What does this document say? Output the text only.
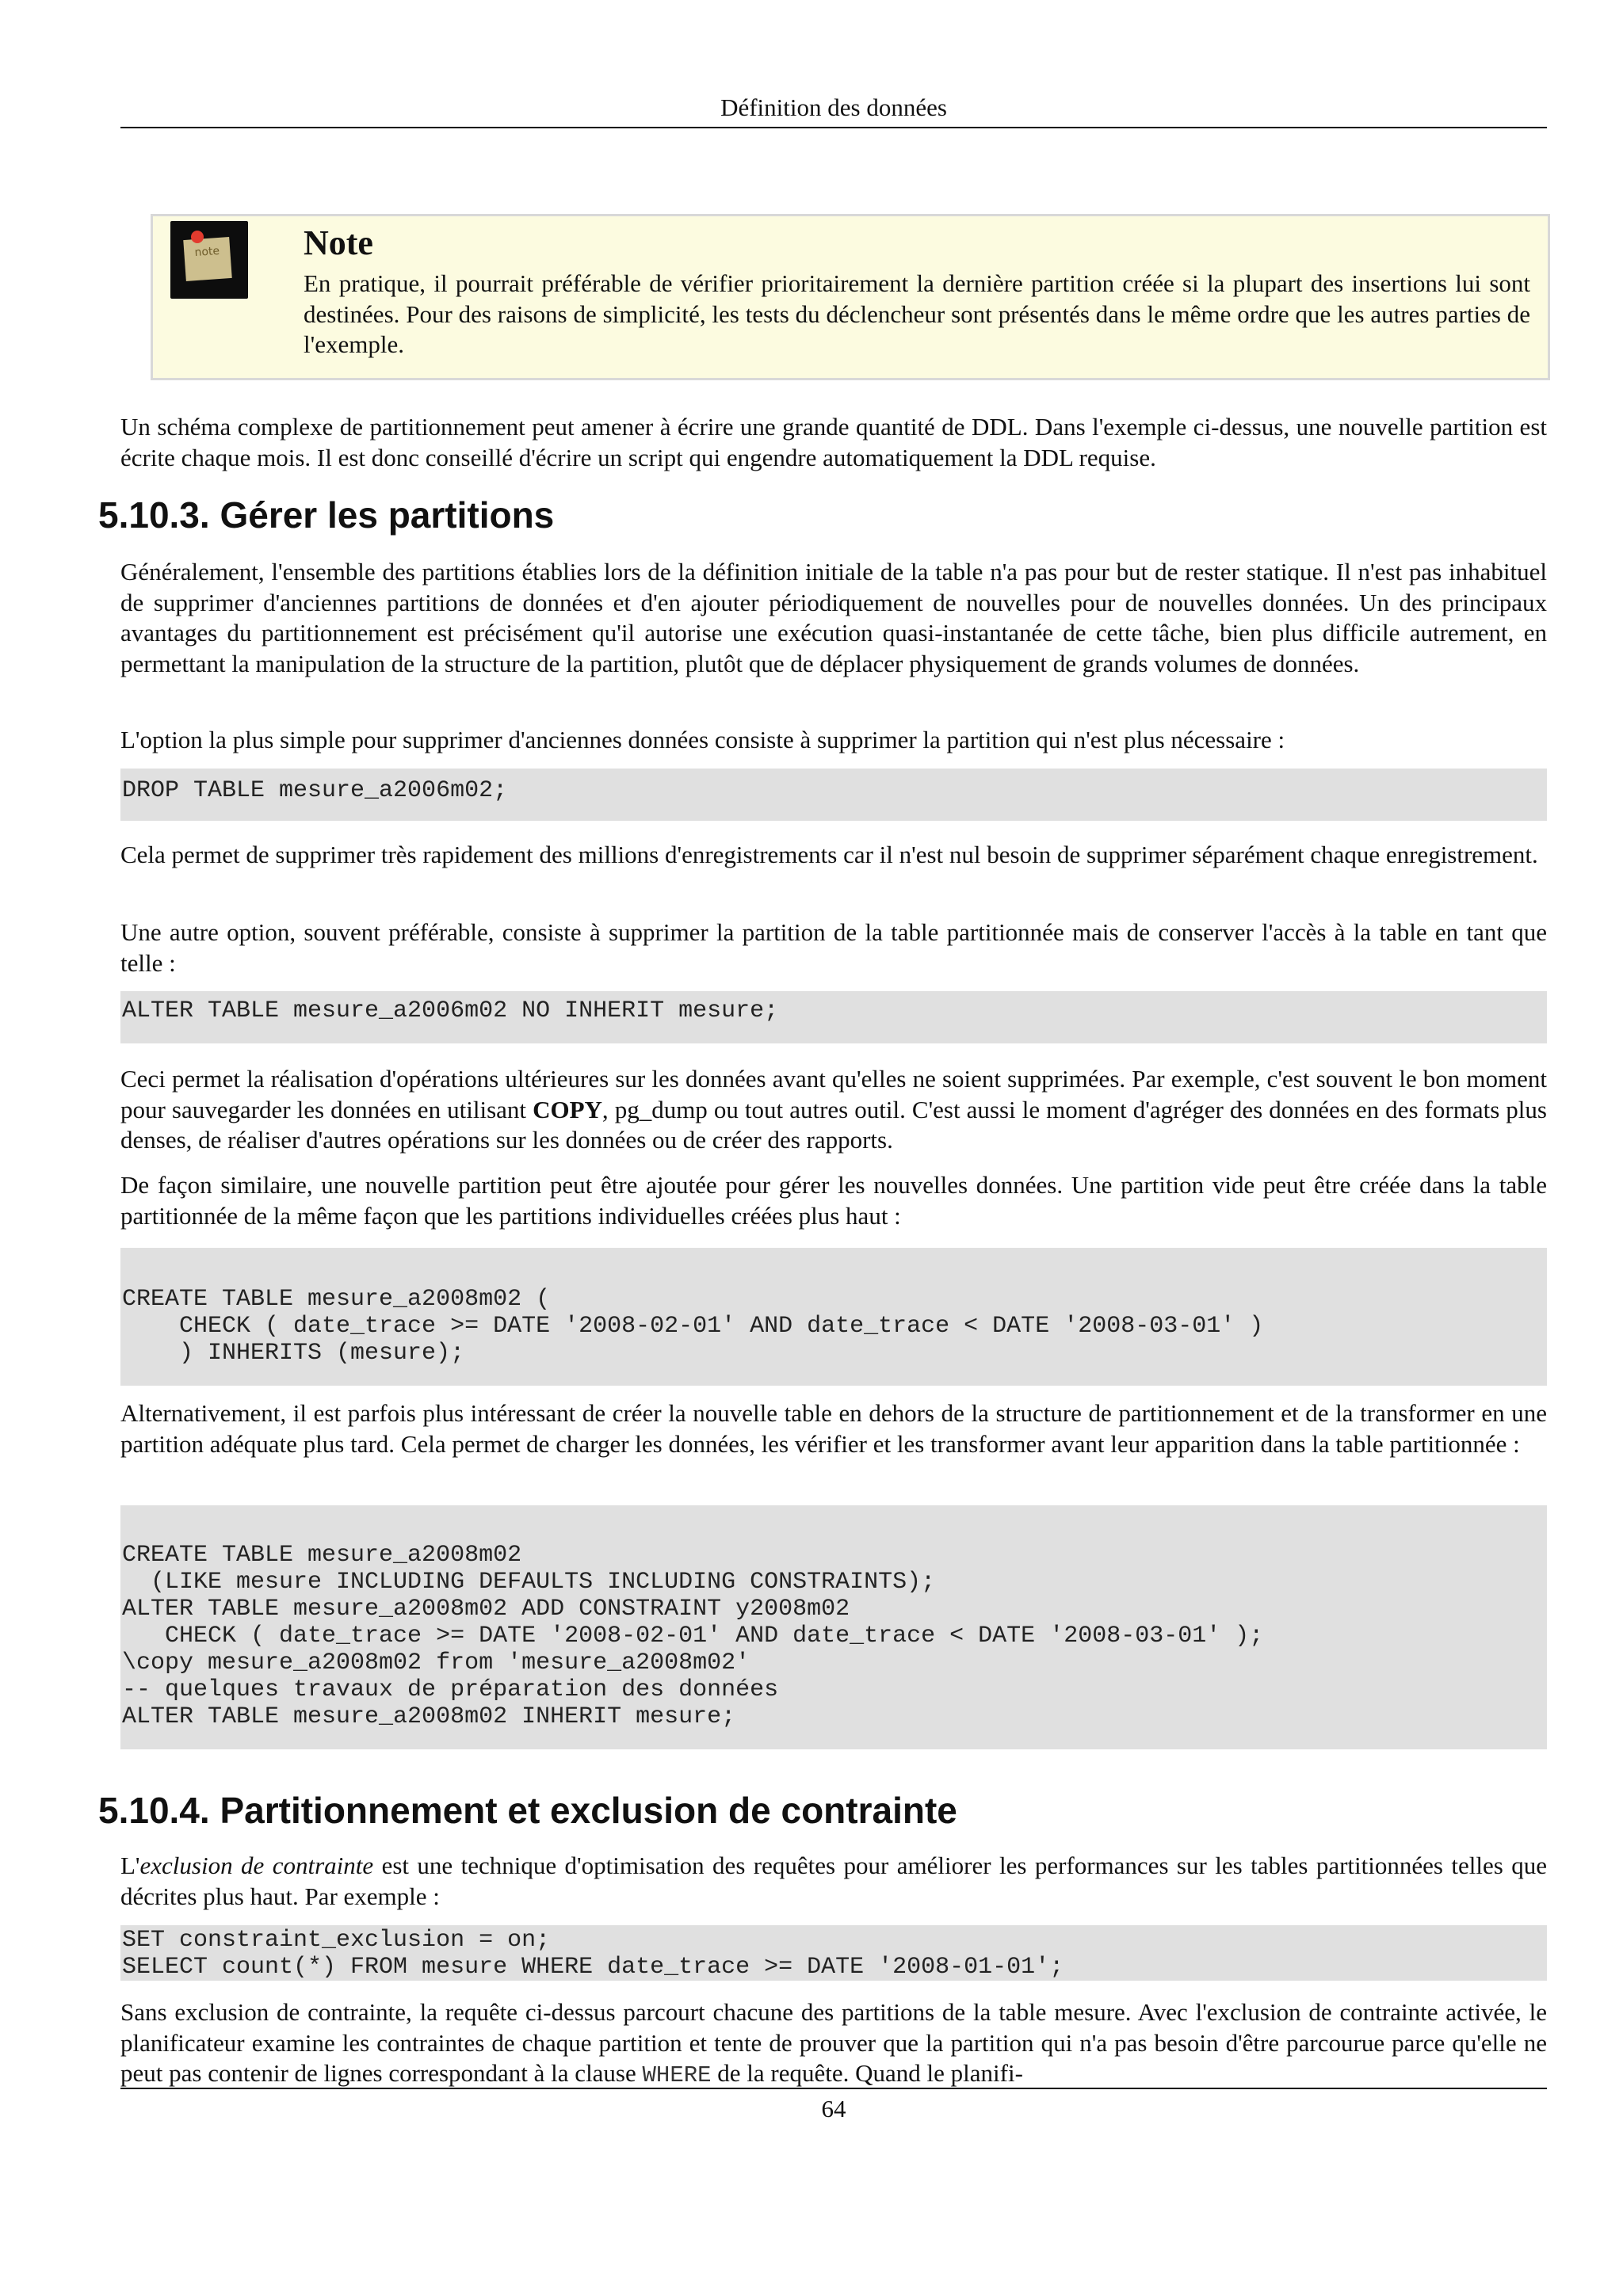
Définition des données
note	Note

En pratique, il pourrait préférable de vérifier prioritairement la dernière partition créée si la plupart des insertions lui sont destinées. Pour des raisons de simplicité, les tests du déclencheur sont présentés dans le même ordre que les autres parties de l'exemple.

Un schéma complexe de partitionnement peut amener à écrire une grande quantité de DDL. Dans l'exemple ci-dessus, une nouvelle partition est écrite chaque mois. Il est donc conseillé d'écrire un script qui engendre automatiquement la DDL requise.

5.10.3. Gérer les partitions

Généralement, l'ensemble des partitions établies lors de la définition initiale de la table n'a pas pour but de rester statique. Il n'est pas inhabituel de supprimer d'anciennes partitions de données et d'en ajouter périodiquement de nouvelles pour de nouvelles données. Un des principaux avantages du partitionnement est précisément qu'il autorise une exécution quasi-instantanée de cette tâche, bien plus difficile autrement, en permettant la manipulation de la structure de la partition, plutôt que de déplacer physiquement de grands volumes de données.

L'option la plus simple pour supprimer d'anciennes données consiste à supprimer la partition qui n'est plus nécessaire :

DROP TABLE mesure_a2006m02;

Cela permet de supprimer très rapidement des millions d'enregistrements car il n'est nul besoin de supprimer séparément chaque enregistrement.

Une autre option, souvent préférable, consiste à supprimer la partition de la table partitionnée mais de conserver l'accès à la table en tant que telle :

ALTER TABLE mesure_a2006m02 NO INHERIT mesure;

Ceci permet la réalisation d'opérations ultérieures sur les données avant qu'elles ne soient supprimées. Par exemple, c'est souvent le bon moment pour sauvegarder les données en utilisant COPY, pg_dump ou tout autres outil. C'est aussi le moment d'agréger des données en des formats plus denses, de réaliser d'autres opérations sur les données ou de créer des rapports.

De façon similaire, une nouvelle partition peut être ajoutée pour gérer les nouvelles données. Une partition vide peut être créée dans la table partitionnée de la même façon que les partitions individuelles créées plus haut :

CREATE TABLE mesure_a2008m02 (
CHECK ( date_trace >= DATE '2008-02-01' AND date_trace < DATE '2008-03-01' )
) INHERITS (mesure);

Alternativement, il est parfois plus intéressant de créer la nouvelle table en dehors de la structure de partitionnement et de la transformer en une partition adéquate plus tard. Cela permet de charger les données, les vérifier et les transformer avant leur apparition dans la table partitionnée :

CREATE TABLE mesure_a2008m02
(LIKE mesure INCLUDING DEFAULTS INCLUDING CONSTRAINTS);
ALTER TABLE mesure_a2008m02 ADD CONSTRAINT y2008m02
CHECK ( date_trace >= DATE '2008-02-01' AND date_trace < DATE '2008-03-01' );
\copy mesure_a2008m02 from 'mesure_a2008m02'
-- quelques travaux de préparation des données
ALTER TABLE mesure_a2008m02 INHERIT mesure;
5.10.4. Partitionnement et exclusion de contrainte

L'exclusion de contrainte est une technique d'optimisation des requêtes pour améliorer les performances sur les tables partitionnées telles que décrites plus haut. Par exemple :

SET constraint_exclusion = on;
SELECT count(*) FROM mesure WHERE date_trace >= DATE '2008-01-01';

Sans exclusion de contrainte, la requête ci-dessus parcourt chacune des partitions de la table mesure. Avec l'exclusion de contrainte activée, le planificateur examine les contraintes de chaque partition et tente de prouver que la partition qui n'a pas besoin d'être parcourue parce qu'elle ne peut pas contenir de lignes correspondant à la clause WHERE de la requête. Quand le planifi-

64
